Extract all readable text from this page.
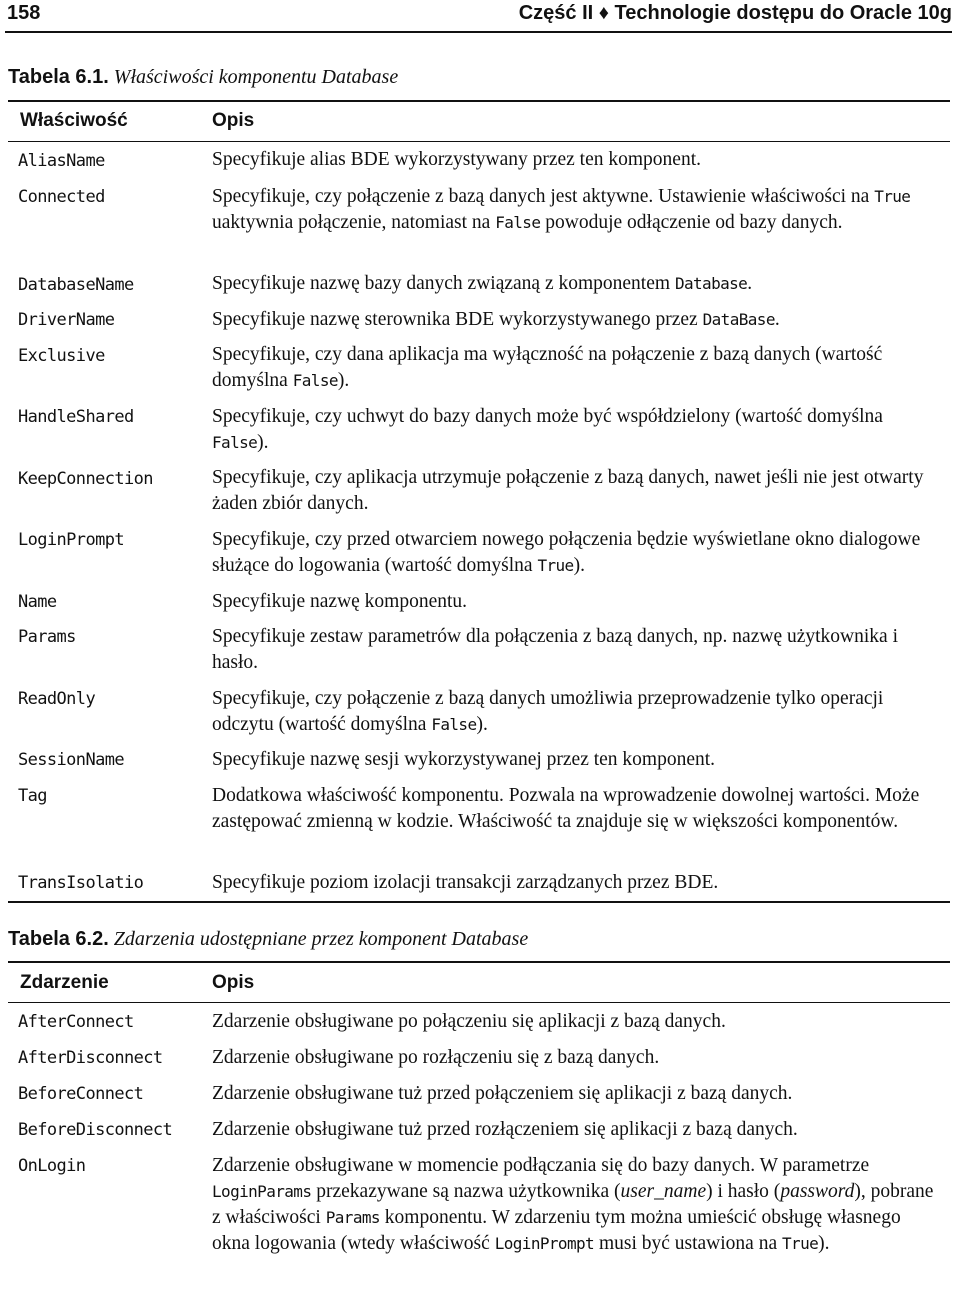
158	Część II ♦ Technologie dostępu do Oracle 10g
Tabela 6.1. Właściwości komponentu Database
Właściwość	Opis
AliasName	Specyfikuje alias BDE wykorzystywany przez ten komponent.
Connected	Specyfikuje, czy połączenie z bazą danych jest aktywne. Ustawienie właściwości na True uaktywnia połączenie, natomiast na False powoduje odłączenie od bazy danych.
DatabaseName	Specyfikuje nazwę bazy danych związaną z komponentem Database.
DriverName	Specyfikuje nazwę sterownika BDE wykorzystywanego przez DataBase.
Exclusive	Specyfikuje, czy dana aplikacja ma wyłączność na połączenie z bazą danych (wartość domyślna False).
HandleShared	Specyfikuje, czy uchwyt do bazy danych może być współdzielony (wartość domyślna False).
KeepConnection	Specyfikuje, czy aplikacja utrzymuje połączenie z bazą danych, nawet jeśli nie jest otwarty żaden zbiór danych.
LoginPrompt	Specyfikuje, czy przed otwarciem nowego połączenia będzie wyświetlane okno dialogowe służące do logowania (wartość domyślna True).
Name	Specyfikuje nazwę komponentu.
Params	Specyfikuje zestaw parametrów dla połączenia z bazą danych, np. nazwę użytkownika i hasło.
ReadOnly	Specyfikuje, czy połączenie z bazą danych umożliwia przeprowadzenie tylko operacji odczytu (wartość domyślna False).
SessionName	Specyfikuje nazwę sesji wykorzystywanej przez ten komponent.
Tag	Dodatkowa właściwość komponentu. Pozwala na wprowadzenie dowolnej wartości. Może zastępować zmienną w kodzie. Właściwość ta znajduje się w większości komponentów.
TransIsolatio	Specyfikuje poziom izolacji transakcji zarządzanych przez BDE.
Tabela 6.2. Zdarzenia udostępniane przez komponent Database
Zdarzenie	Opis
AfterConnect	Zdarzenie obsługiwane po połączeniu się aplikacji z bazą danych.
AfterDisconnect	Zdarzenie obsługiwane po rozłączeniu się z bazą danych.
BeforeConnect	Zdarzenie obsługiwane tuż przed połączeniem się aplikacji z bazą danych.
BeforeDisconnect Zdarzenie obsługiwane tuż przed rozłączeniem się aplikacji z bazą danych.
OnLogin	Zdarzenie obsługiwane w momencie podłączania się do bazy danych. W parametrze LoginParams przekazywane są nazwa użytkownika (user_name) i hasło (password), pobrane z właściwości Params komponentu. W zdarzeniu tym można umieścić obsługę własnego okna logowania (wtedy właściwość LoginPrompt musi być ustawiona na True).
